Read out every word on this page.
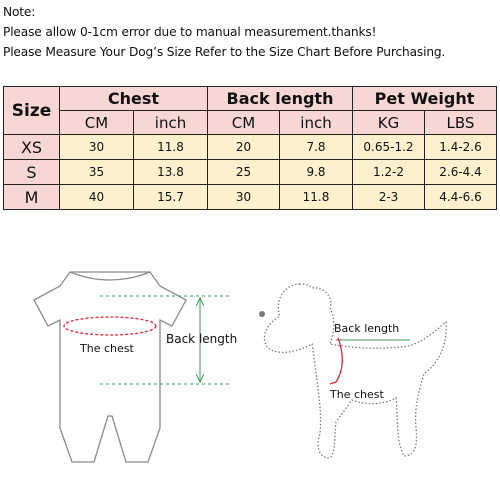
Note:
Please allow 0-1cm error due to manual measurement.thanks!
Please Measure Your Dog’s Size Refer to the Size Chart Before Purchasing.
Size	Chest		Back length		Pet Weight	
	CM	inch	CM	inch	KG	LBS
XS	30	11.8	20	7.8	0.65-1.2	1.4-2.6
S	35	13.8	25	9.8	1.2-2	2.6-4.4
M	40	15.7	30	11.8	2-3	4.4-6.6
The chest
Back length
Back length
The chest
